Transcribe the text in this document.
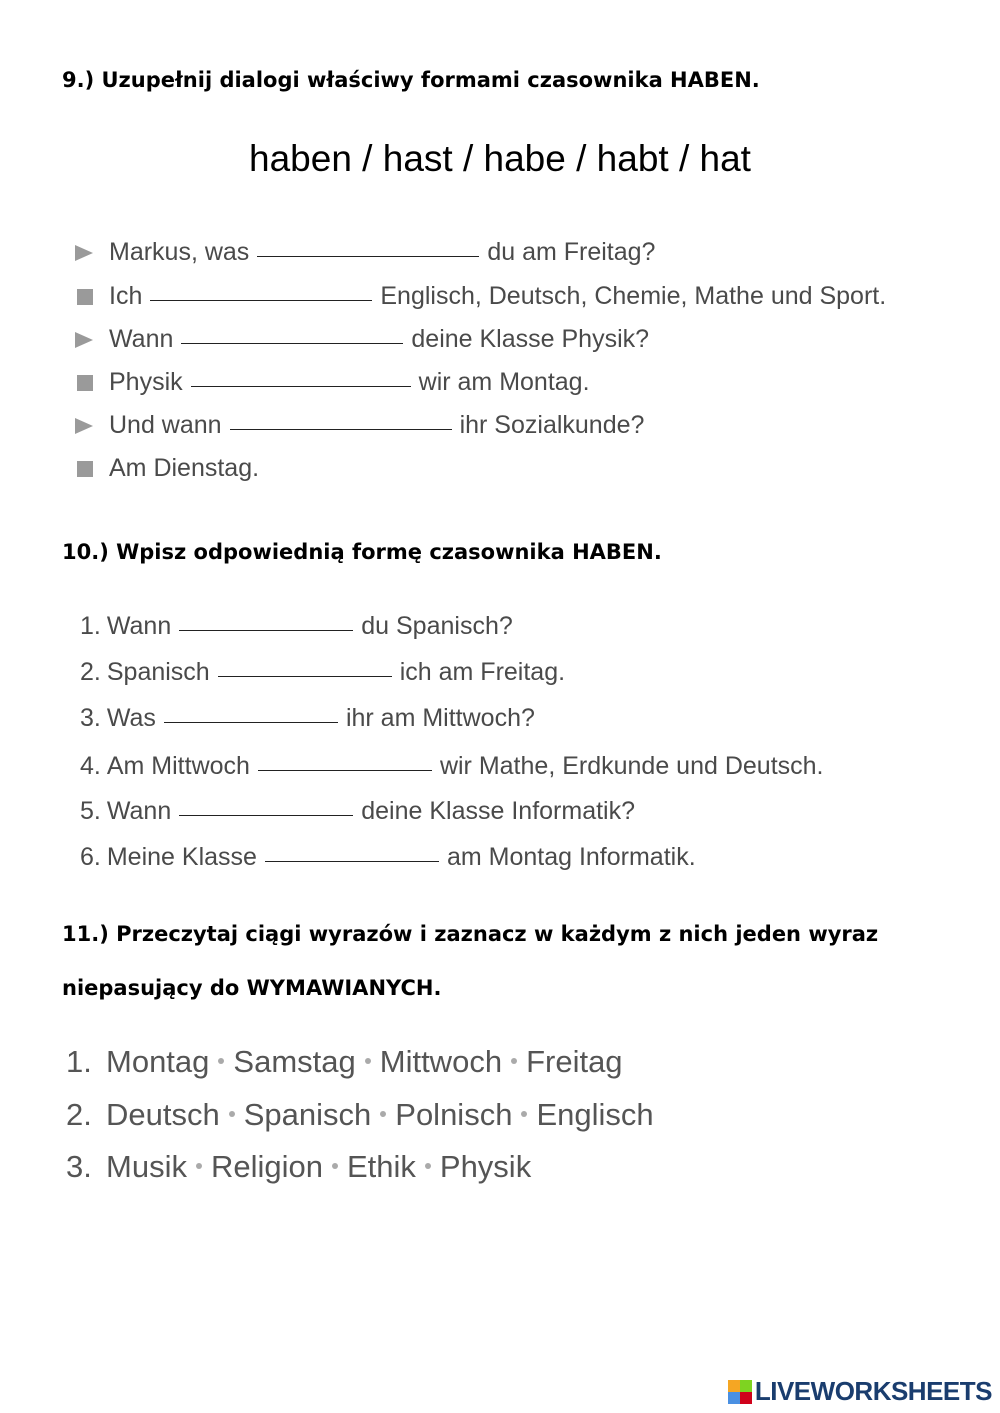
9.) Uzupełnij dialogi właściwy formami czasownika HABEN.
haben / hast / habe / habt / hat
Markus, was	du am Freitag?
Ich	Englisch, Deutsch, Chemie, Mathe und Sport.
Wann	deine Klasse Physik?
Physik	wir am Montag.
Und wann	ihr Sozialkunde?
Am Dienstag.
10.) Wpisz odpowiednią formę czasownika HABEN.
1. Wann	du Spanisch?
2. Spanisch	ich am Freitag.
3. Was	ihr am Mittwoch?
4. Am Mittwoch	wir Mathe, Erdkunde und Deutsch.
5. Wann	deine Klasse Informatik?
6. Meine Klasse	am Montag Informatik.
11.) Przeczytaj ciągi wyrazów i zaznacz w każdym z nich jeden wyraz
niepasujący do WYMAWIANYCH.
1. Montag Samstag Mittwoch Freitag
2. Deutsch Spanisch Polnisch Englisch
3. Musik Religion Ethik Physik
LIVEWORKSHEETS
